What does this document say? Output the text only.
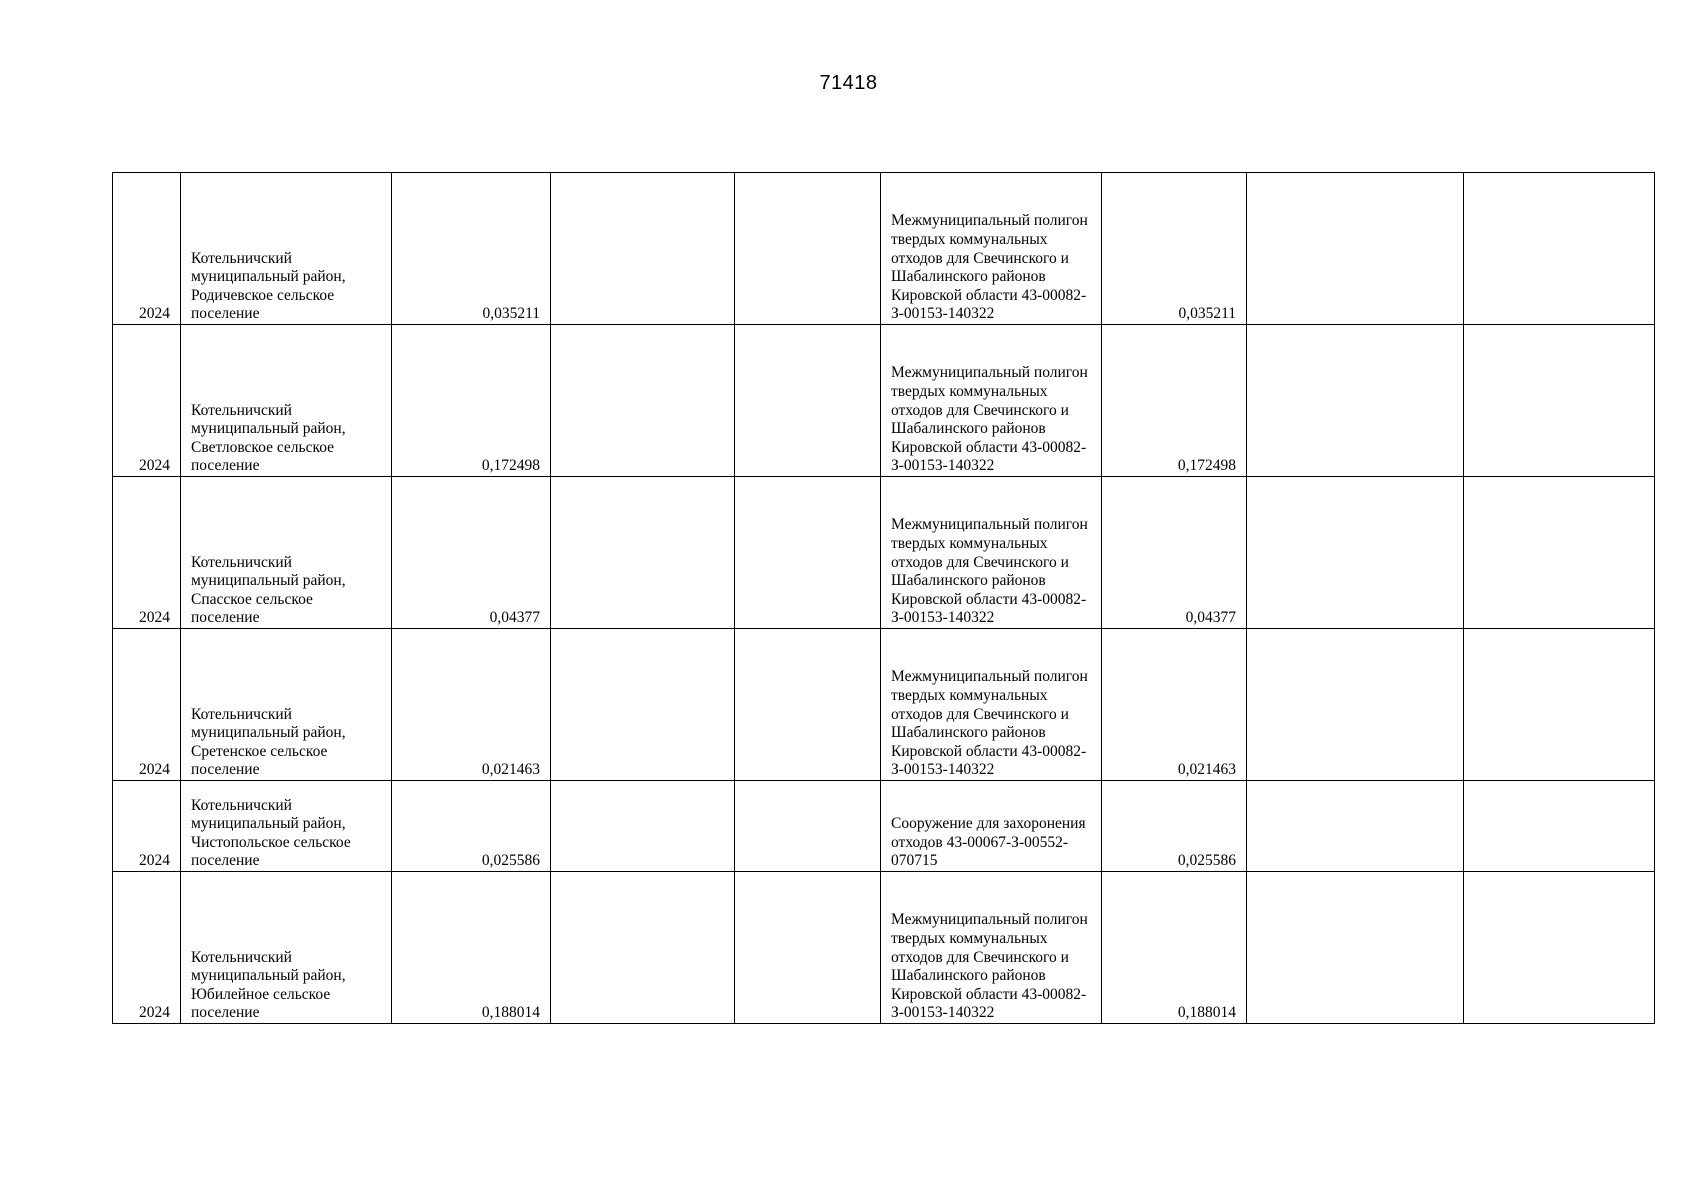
71418
2024	Котельничский муниципальный район, Родичевское сельское поселение	0,035211			Межмуниципальный полигон твердых коммунальных отходов для Свечинского и Шабалинского районов Кировской области 43-00082-З-00153-140322	0,035211		
2024	Котельничский муниципальный район, Светловское сельское поселение	0,172498			Межмуниципальный полигон твердых коммунальных отходов для Свечинского и Шабалинского районов Кировской области 43-00082-З-00153-140322	0,172498		
2024	Котельничский муниципальный район, Спасское сельское поселение	0,04377			Межмуниципальный полигон твердых коммунальных отходов для Свечинского и Шабалинского районов Кировской области 43-00082-З-00153-140322	0,04377		
2024	Котельничский муниципальный район, Сретенское сельское поселение	0,021463			Межмуниципальный полигон твердых коммунальных отходов для Свечинского и Шабалинского районов Кировской области 43-00082-З-00153-140322	0,021463		
2024	Котельничский муниципальный район, Чистопольское сельское поселение	0,025586			Сооружение для захоронения отходов 43-00067-З-00552-070715	0,025586		
2024	Котельничский муниципальный район, Юбилейное сельское поселение	0,188014			Межмуниципальный полигон твердых коммунальных отходов для Свечинского и Шабалинского районов Кировской области 43-00082-З-00153-140322	0,188014		
